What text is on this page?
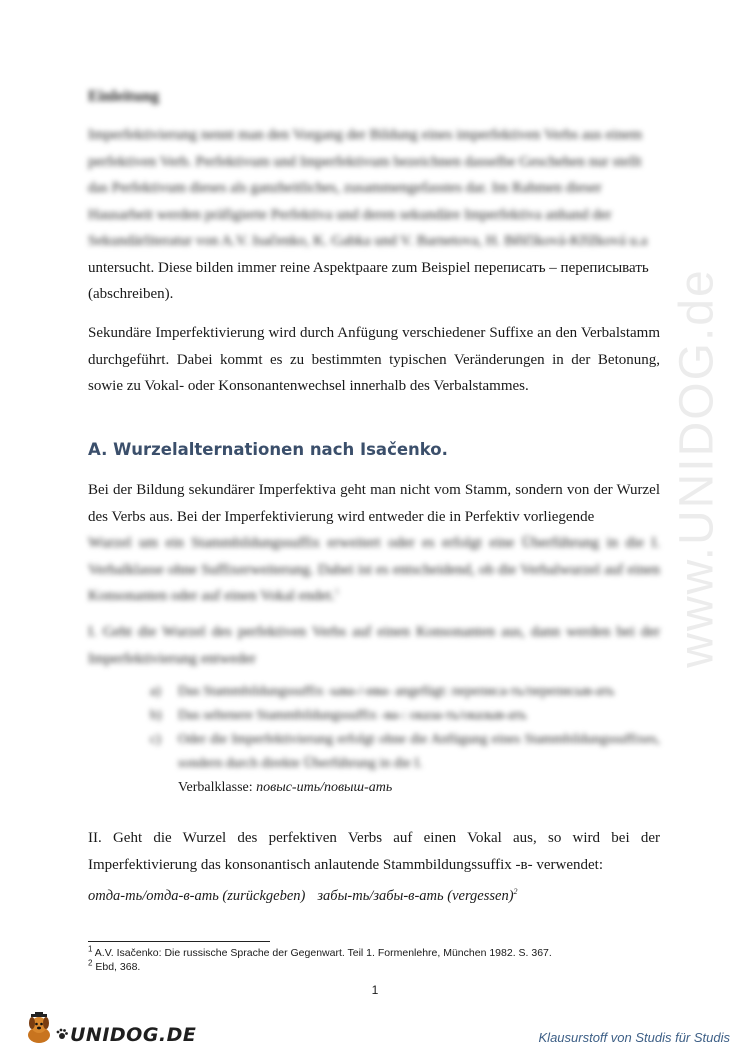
Einleitung

Imperfektivierung nennt man den Vorgang der Bildung eines imperfektiven Verbs aus einem

perfektiven Verb. Perfektivum und Imperfektivum bezeichnen dasselbe Geschehen nur stellt

das Perfektivum dieses als ganzheitliches, zusammengefasstes dar. Im Rahmen dieser

Hausarbeit werden präfigierte Perfektiva und deren sekundäre Imperfektiva anhand der

Sekundärliteratur von A.V. Isačenko, K. Gabka und V. Barnetova, H. Bělčíková-Křížková u.a

untersucht. Diese bilden immer reine Aspektpaare zum Beispiel переписать – переписывать

(abschreiben).

Sekundäre Imperfektivierung wird durch Anfügung verschiedener Suffixe an den Verbalstamm durchgeführt. Dabei kommt es zu bestimmten typischen Veränderungen in der Betonung, sowie zu Vokal- oder Konsonantenwechsel innerhalb des Verbalstammes.

A. Wurzelalternationen nach Isačenko.

Bei der Bildung sekundärer Imperfektiva geht man nicht vom Stamm, sondern von der Wurzel des Verbs aus. Bei der Imperfektivierung wird entweder die in Perfektiv vorliegende

Wurzel um ein Stammbildungssuffix erweitert oder es erfolgt eine Überführung in die I. Verbalklasse ohne Suffixerweiterung. Dabei ist es entscheidend, ob die Verbalwurzel auf einen Konsonanten oder auf einen Vokal endet.$^1$

I. Geht die Wurzel des perfektiven Verbs auf einen Konsonanten aus, dann werden bei der Imperfektivierung entweder

a)	Das Stammbildungssuffix -ыва-/-ива- angefügt: переписа-ть/переписыв-ать
b)	Das seltenere Stammbildungssuffix -ва-: оказа-ть/оказыв-ать
c)	Oder die Imperfektivierung erfolgt ohne die Anfügung eines Stammbildungssuffixes, sondern durch direkte Überführung in die I.
Verbalklasse: повыс-ить/повыш-ать

II. Geht die Wurzel des perfektiven Verbs auf einen Vokal aus, so wird bei der Imperfektivierung das konsonantisch anlautende Stammbildungssuffix -в- verwendet:

отда-ть/отда-в-ать (zurückgeben) забы-ть/забы-в-ать (vergessen)$^2$
$^1$ A.V. Isačenko: Die russische Sprache der Gegenwart. Teil 1. Formenlehre, München 1982. S. 367.
$^2$ Ebd, 368.
1
www.UNIDOG.de
UNIDOG.DE	Klausurstoff von Studis für Studis
